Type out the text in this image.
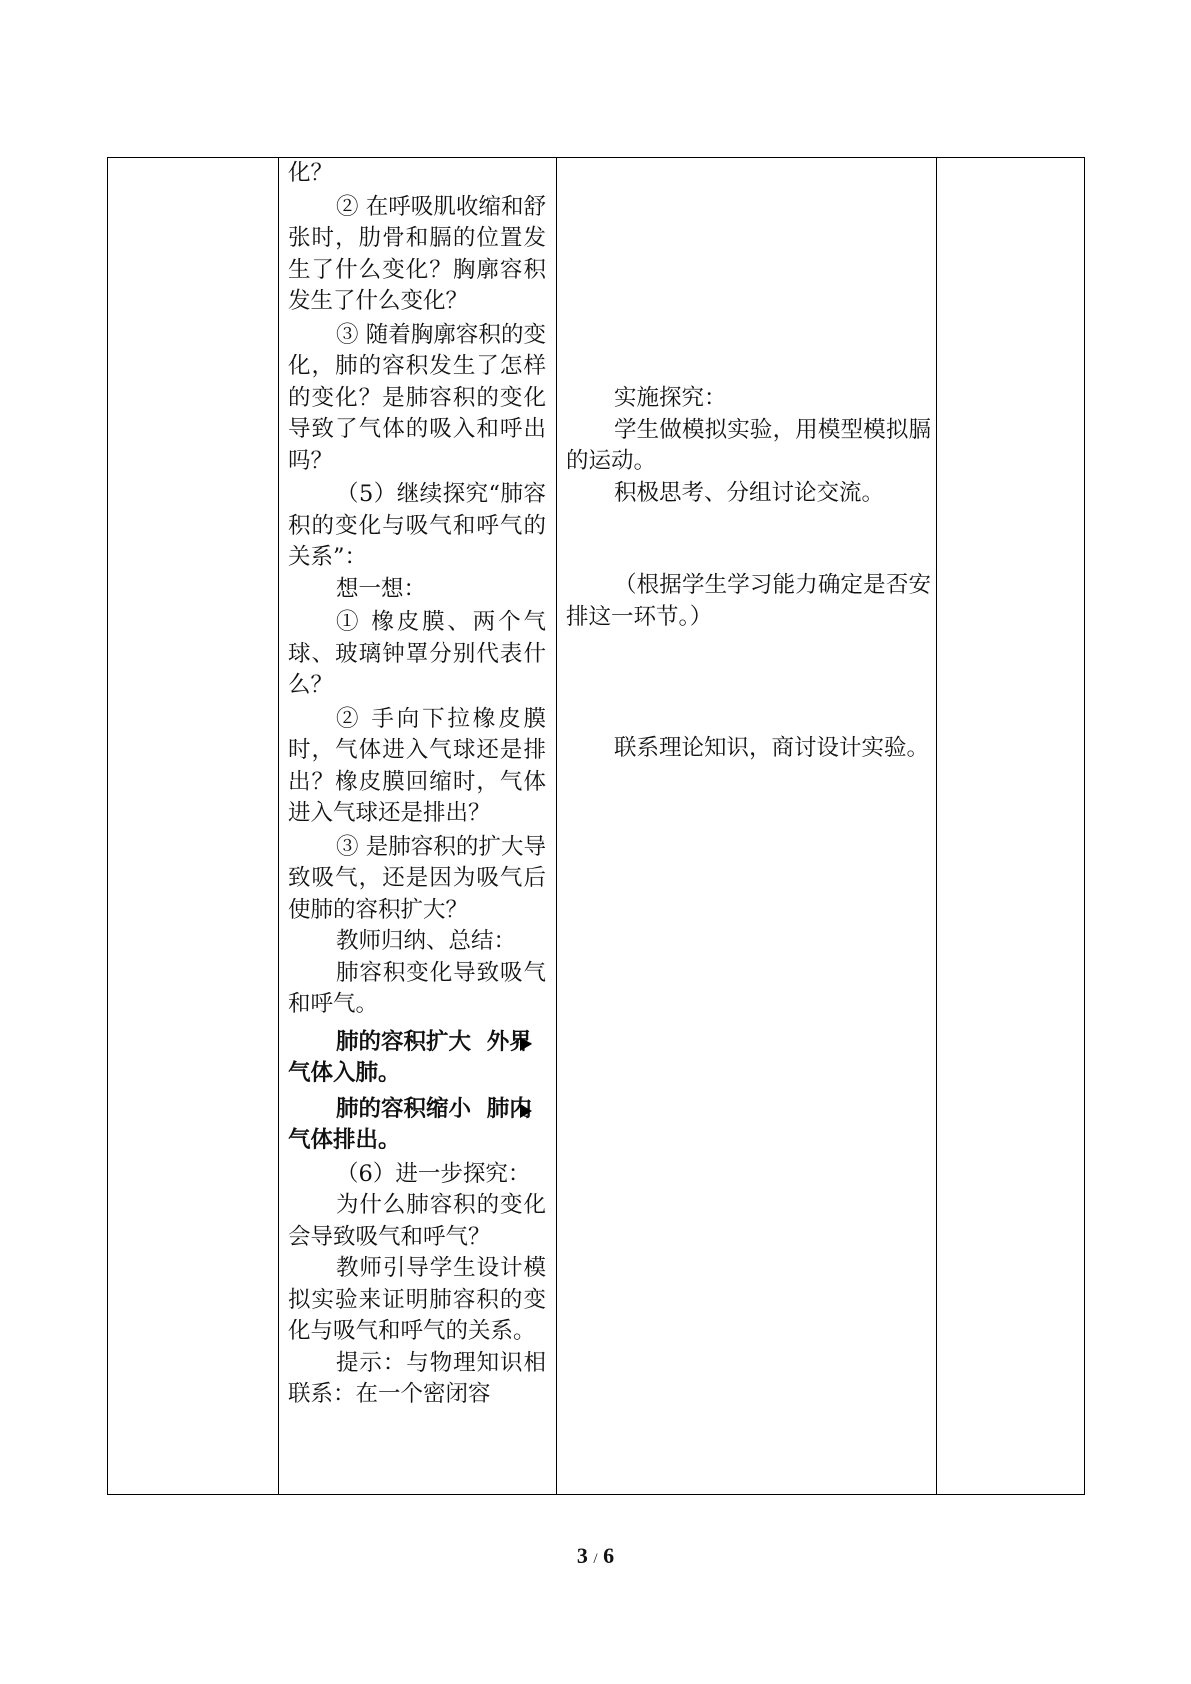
化？

② 在呼吸肌收缩和舒张时，肋骨和膈的位置发生了什么变化？胸廓容积发生了什么变化？

③ 随着胸廓容积的变化，肺的容积发生了怎样的变化？是肺容积的变化导致了气体的吸入和呼出吗？

（5）继续探究“肺容积的变化与吸气和呼气的关系”：

想一想：

① 橡皮膜、两个气球、玻璃钟罩分别代表什么？

② 手向下拉橡皮膜时，气体进入气球还是排出？橡皮膜回缩时，气体进入气球还是排出？

③ 是肺容积的扩大导致吸气，还是因为吸气后使肺的容积扩大？

教师归纳、总结：

肺容积变化导致吸气和呼气。

肺的容积扩大 外界
气体入肺。

肺的容积缩小 肺内
气体排出。

（6）进一步探究：

为什么肺容积的变化会导致吸气和呼气？

教师引导学生设计模拟实验来证明肺容积的变化与吸气和呼气的关系。

提示：与物理知识相联系：在一个密闭容

实施探究：

学生做模拟实验，用模型模拟膈的运动。

积极思考、分组讨论交流。

（根据学生学习能力确定是否安排这一环节。）

联系理论知识，商讨设计实验。

3 / 6
